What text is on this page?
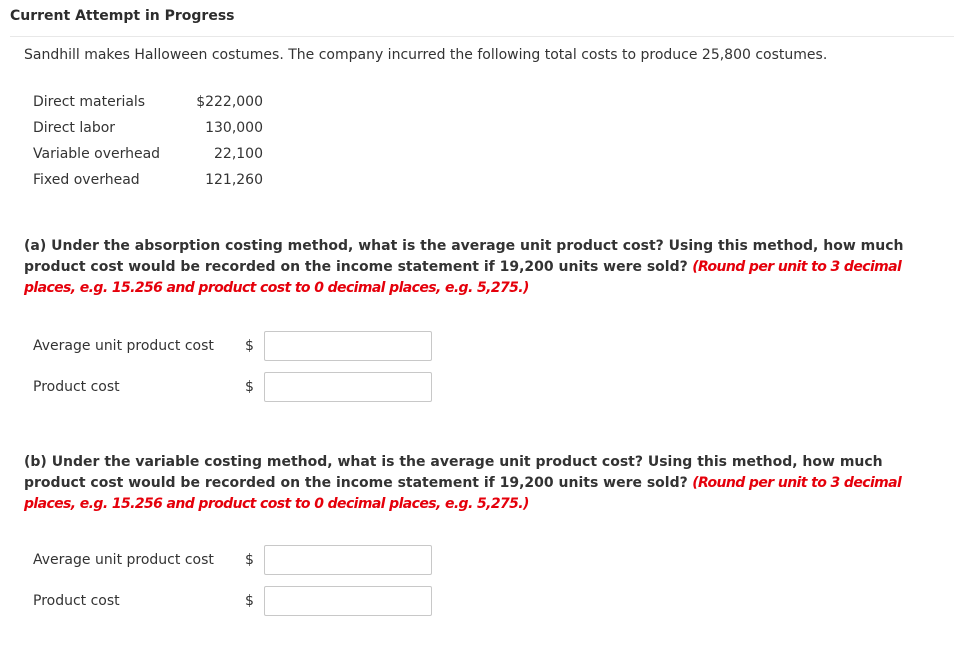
Current Attempt in Progress
Sandhill makes Halloween costumes. The company incurred the following total costs to produce 25,800 costumes.
Direct materials	$222,000
Direct labor	130,000
Variable overhead	22,100
Fixed overhead	121,260
(a) Under the absorption costing method, what is the average unit product cost? Using this method, how much product cost would be recorded on the income statement if 19,200 units were sold? (Round per unit to 3 decimal places, e.g. 15.256 and product cost to 0 decimal places, e.g. 5,275.)
Average unit product cost $
Product cost	$
(b) Under the variable costing method, what is the average unit product cost? Using this method, how much product cost would be recorded on the income statement if 19,200 units were sold? (Round per unit to 3 decimal places, e.g. 15.256 and product cost to 0 decimal places, e.g. 5,275.)
Average unit product cost $
Product cost	$
